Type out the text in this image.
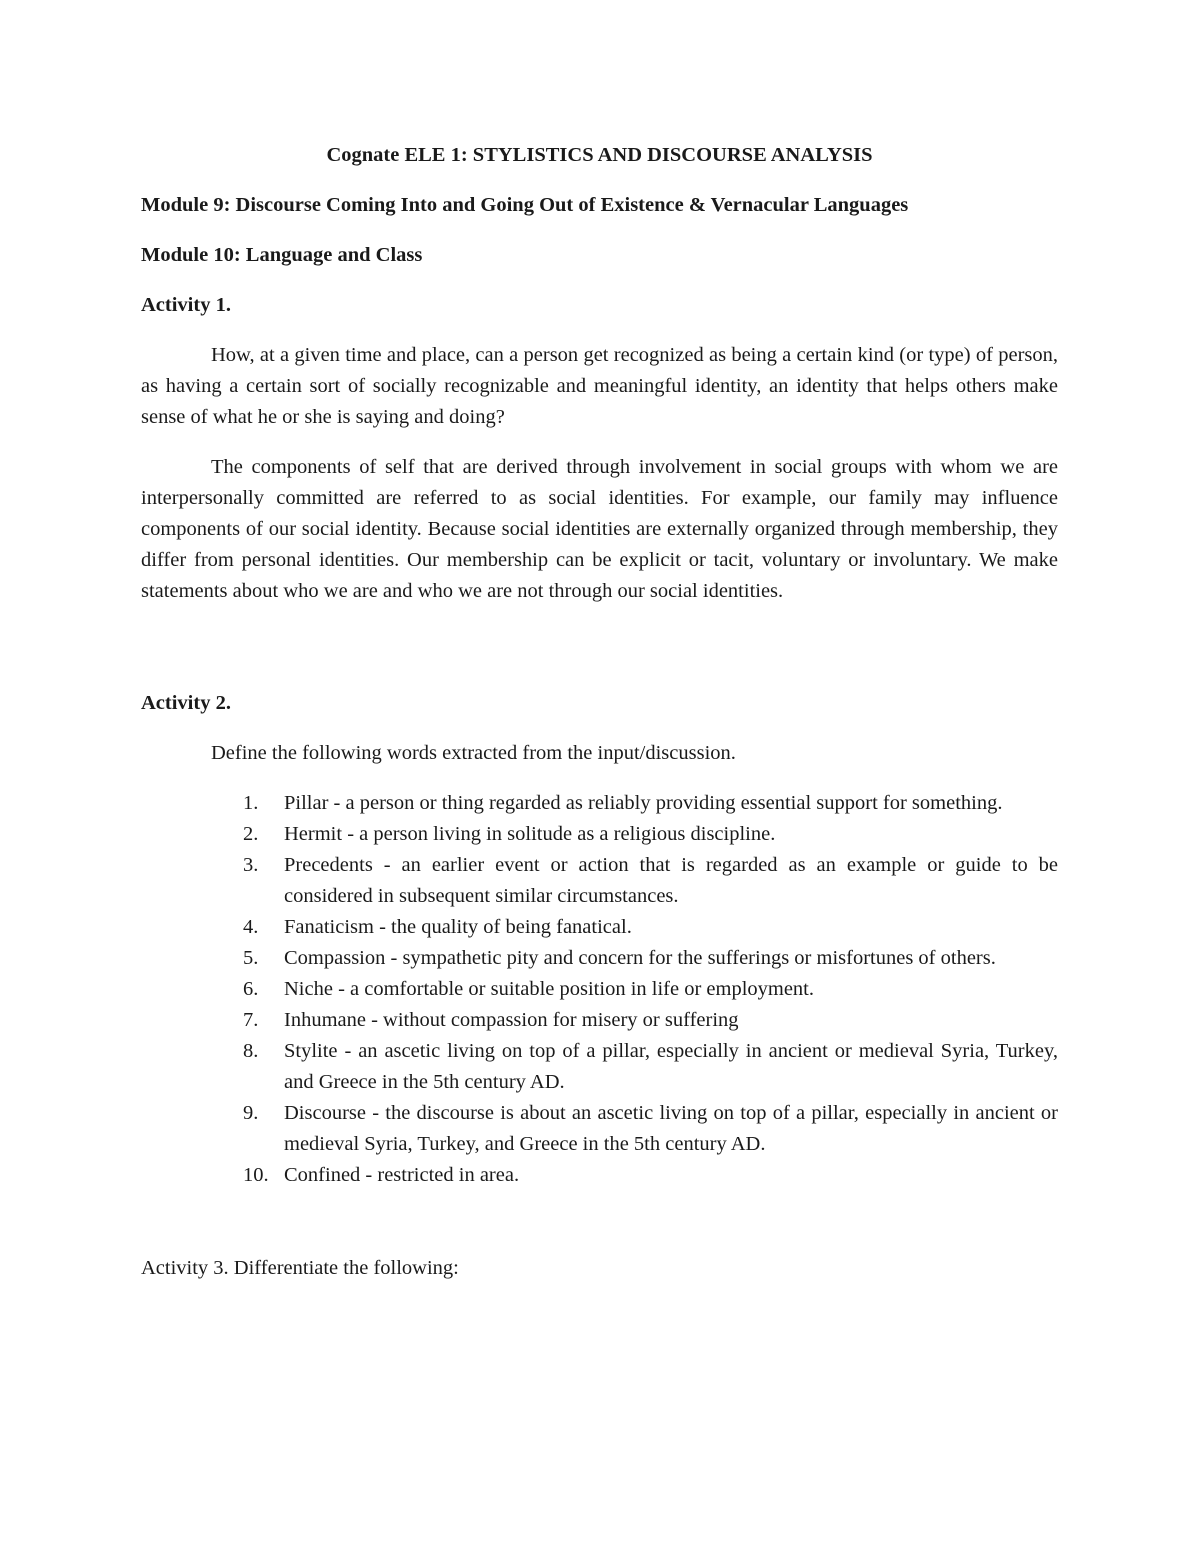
Cognate ELE 1: STYLISTICS AND DISCOURSE ANALYSIS

Module 9: Discourse Coming Into and Going Out of Existence & Vernacular Languages

Module 10: Language and Class

Activity 1.

How, at a given time and place, can a person get recognized as being a certain kind (or type) of person, as having a certain sort of socially recognizable and meaningful identity, an identity that helps others make sense of what he or she is saying and doing?

The components of self that are derived through involvement in social groups with whom we are interpersonally committed are referred to as social identities. For example, our family may influence components of our social identity. Because social identities are externally organized through membership, they differ from personal identities. Our membership can be explicit or tacit, voluntary or involuntary. We make statements about who we are and who we are not through our social identities.

Activity 2.

Define the following words extracted from the input/discussion.

1. Pillar - a person or thing regarded as reliably providing essential support for something.
2. Hermit - a person living in solitude as a religious discipline.
3. Precedents - an earlier event or action that is regarded as an example or guide to be considered in subsequent similar circumstances.
4. Fanaticism - the quality of being fanatical.
5. Compassion - sympathetic pity and concern for the sufferings or misfortunes of others.
6. Niche - a comfortable or suitable position in life or employment.
7. Inhumane - without compassion for misery or suffering
8. Stylite - an ascetic living on top of a pillar, especially in ancient or medieval Syria, Turkey, and Greece in the 5th century AD.
9. Discourse - the discourse is about an ascetic living on top of a pillar, especially in ancient or medieval Syria, Turkey, and Greece in the 5th century AD.
10. Confined - restricted in area.

Activity 3. Differentiate the following:
